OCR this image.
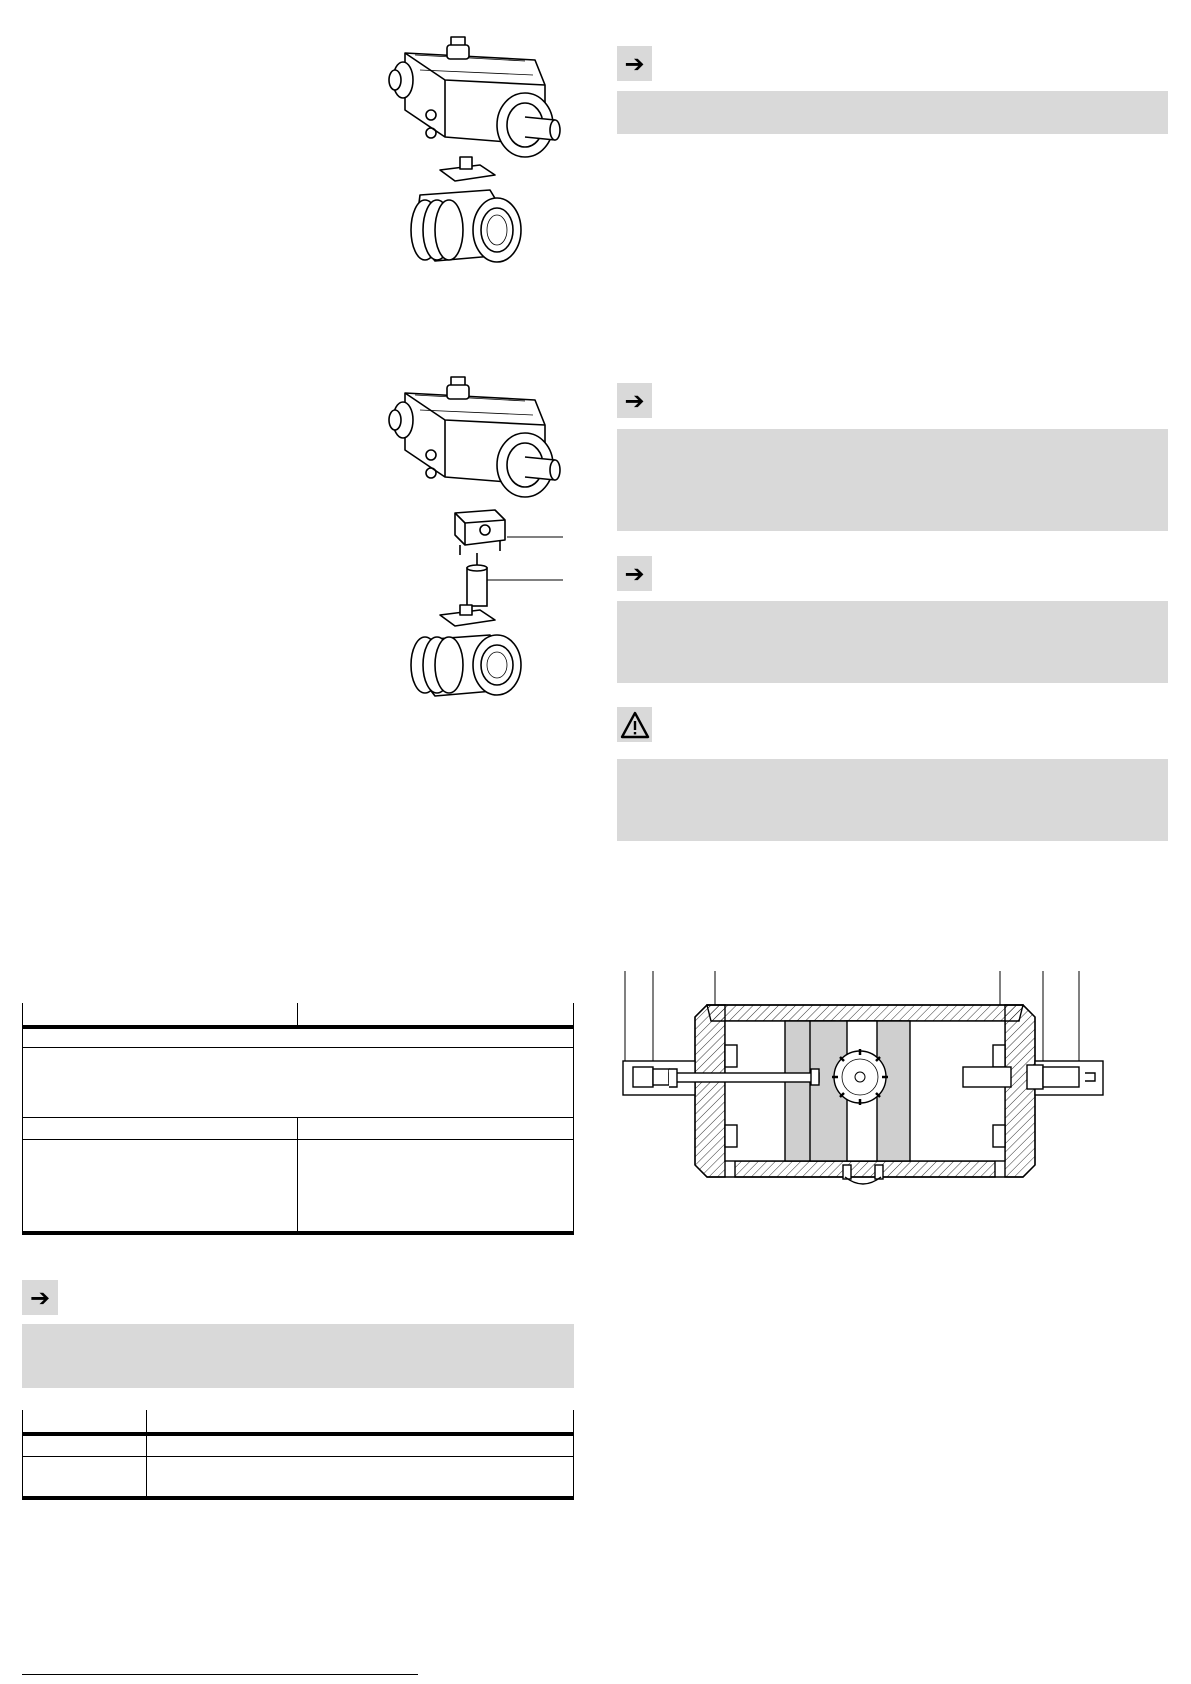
➔
➔
➔
➔
